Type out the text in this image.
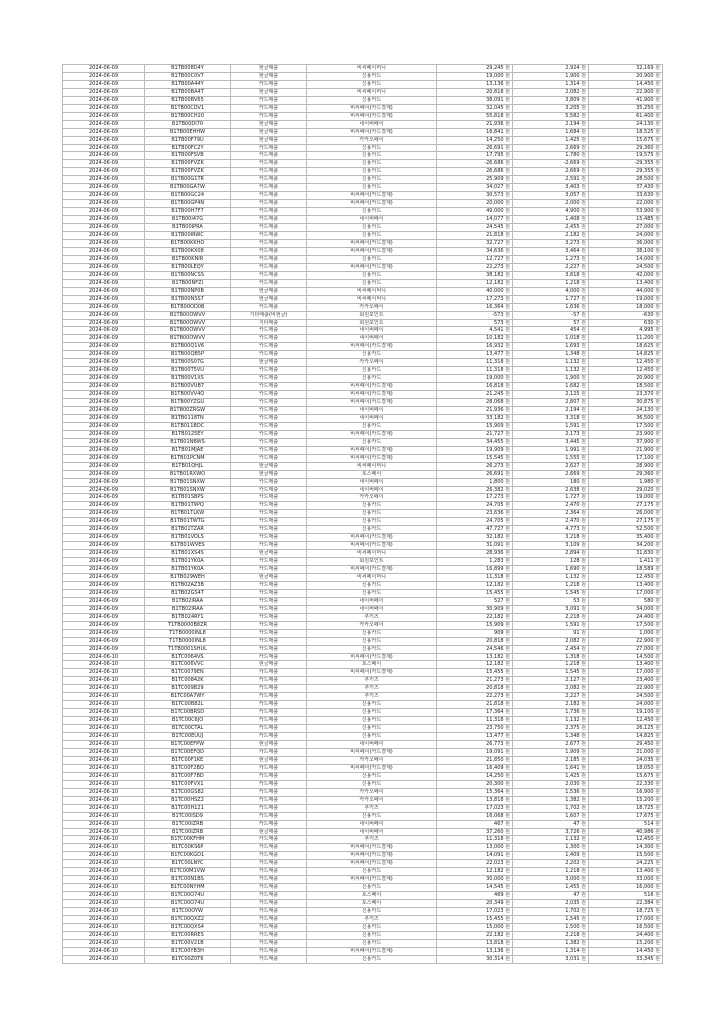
2024-06-09	B1TB008D4Y	현금매출	비씨페이머니	29,245 원	2,924 원	32,169 원
2024-06-09	B1TB00C0V7	현금매출	신용카드	19,000 원	1,900 원	20,900 원
2024-06-09	B1TB00A44Y	카드매출	신용카드	13,136 원	1,314 원	14,450 원
2024-06-09	B1TB00BA4T	현금매출	비씨페이머니	20,818 원	2,082 원	22,900 원
2024-06-09	B1TB00BV65	카드매출	신용카드	38,091 원	3,809 원	41,900 원
2024-06-09	B1TB00CDV1	카드매출	비씨페이(카드결제)	32,045 원	3,205 원	35,250 원
2024-06-09	B1TB00CH20	카드매출	비씨페이(카드결제)	55,818 원	5,582 원	61,400 원
2024-06-09	B1TB00DI70	현금매출	네이버페이	21,936 원	2,194 원	24,130 원
2024-06-09	B1TB00EHHW	현금매출	비씨페이(카드결제)	16,841 원	1,684 원	18,525 원
2024-06-09	B1TB00F79U	현금매출	카카오페이	14,250 원	1,425 원	15,675 원
2024-06-09	B1TB00FC2Y	카드매출	신용카드	26,691 원	2,669 원	29,360 원
2024-06-09	B1TB00FSVB	카드매출	신용카드	17,795 원	1,780 원	19,575 원
2024-06-09	B1TB00FVZK	카드매출	신용카드	-26,686 원	-2,669 원	-29,355 원
2024-06-09	B1TB00FVZK	카드매출	신용카드	26,686 원	2,669 원	29,355 원
2024-06-09	B1TB00G1TR	카드매출	신용카드	25,909 원	2,591 원	28,500 원
2024-06-09	B1TB00GA7W	카드매출	신용카드	34,027 원	3,403 원	37,430 원
2024-06-09	B1TB00GC24	카드매출	비씨페이(카드결제)	30,573 원	3,057 원	33,630 원
2024-06-09	B1TB00GP4N	카드매출	비씨페이(카드결제)	20,000 원	2,000 원	22,000 원
2024-06-09	B1TB00H7F7	카드매출	신용카드	49,000 원	4,900 원	53,900 원
2024-06-09	B1TB00I47G	카드매출	네이버페이	14,077 원	1,408 원	15,485 원
2024-06-09	B1TB00IPRA	카드매출	신용카드	24,545 원	2,455 원	27,000 원
2024-06-09	B1TB00IRWC	카드매출	신용카드	21,818 원	2,182 원	24,000 원
2024-06-09	B1TB00KKHO	카드매출	비씨페이(카드결제)	32,727 원	3,273 원	36,000 원
2024-06-09	B1TB00KX08	카드매출	비씨페이(카드결제)	34,636 원	3,464 원	38,100 원
2024-06-09	B1TB00KNIR	카드매출	신용카드	12,727 원	1,273 원	14,000 원
2024-06-09	B1TB00LEQY	카드매출	비씨페이(카드결제)	22,273 원	2,227 원	24,500 원
2024-06-09	B1TB00NCSS	카드매출	신용카드	38,182 원	3,818 원	42,000 원
2024-06-09	B1TB00NFZI	카드매출	신용카드	12,182 원	1,218 원	13,400 원
2024-06-09	B1TB00NP0B	현금매출	비씨페이머니	40,000 원	4,000 원	44,000 원
2024-06-09	B1TB00NSS7	현금매출	비씨페이머니	17,273 원	1,727 원	19,000 원
2024-06-09	B1TB00OD0B	카드매출	카카오페이	16,364 원	1,636 원	18,000 원
2024-06-09	B1TB00OWVV	기타매출(비현금)	회원포인트	-573 원	-57 원	-630 원
2024-06-09	B1TB00OWVV	기타매출	회원포인트	573 원	57 원	630 원
2024-06-09	B1TB00OWVV	카드매출	네이버페이	4,541 원	454 원	4,995 원
2024-06-09	B1TB00OWVV	카드매출	네이버페이	10,182 원	1,018 원	11,200 원
2024-06-09	B1TB00Q1V6	카드매출	비씨페이(카드결제)	16,932 원	1,693 원	18,625 원
2024-06-09	B1TB00QB5P	카드매출	신용카드	13,477 원	1,348 원	14,825 원
2024-06-09	B1TB00S07G	현금매출	카카오페이	11,318 원	1,132 원	12,450 원
2024-06-09	B1TB00T5VU	카드매출	신용카드	11,318 원	1,132 원	12,450 원
2024-06-09	B1TB00V1XS	카드매출	신용카드	19,000 원	1,900 원	20,900 원
2024-06-09	B1TB00VUB7	카드매출	비씨페이(카드결제)	16,818 원	1,682 원	18,500 원
2024-06-09	B1TB00VV4Q	카드매출	비씨페이(카드결제)	21,245 원	2,125 원	23,370 원
2024-06-09	B1TB00YZGU	카드매출	비씨페이(카드결제)	28,068 원	2,807 원	30,875 원
2024-06-09	B1TB00ZRGW	카드매출	네이버페이	21,936 원	2,194 원	24,130 원
2024-06-09	B1TB0118TN	카드매출	네이버페이	33,182 원	3,318 원	36,500 원
2024-06-09	B1TB011BDC	카드매출	신용카드	15,909 원	1,591 원	17,500 원
2024-06-09	B1TB0125EY	카드매출	비씨페이(카드결제)	21,727 원	2,173 원	23,900 원
2024-06-09	B1TB01NBWS	카드매출	신용카드	34,455 원	3,445 원	37,900 원
2024-06-09	B1TB01MJAE	카드매출	비씨페이(카드결제)	19,909 원	1,991 원	21,900 원
2024-06-09	B1TB01PCNM	카드매출	비씨페이(카드결제)	15,545 원	1,555 원	17,100 원
2024-06-09	B1TB01QHJL	현금매출	비씨페이머니	26,273 원	2,627 원	28,900 원
2024-06-09	B1TB01RXWO	현금매출	토스페이	26,691 원	2,669 원	29,360 원
2024-06-09	B1TB01SNXW	카드매출	네이버페이	1,800 원	180 원	1,980 원
2024-06-09	B1TB01SNXW	카드매출	네이버페이	26,382 원	2,638 원	29,020 원
2024-06-09	B1TB01SBPS	카드매출	카카오페이	17,273 원	1,727 원	19,000 원
2024-06-09	B1TB01T9PQ	카드매출	신용카드	24,705 원	2,470 원	27,175 원
2024-06-09	B1TB01TLKW	카드매출	신용카드	23,636 원	2,364 원	26,000 원
2024-06-09	B1TB01TWTG	카드매출	신용카드	24,705 원	2,470 원	27,175 원
2024-06-09	B1TB01TZAR	카드매출	신용카드	47,727 원	4,773 원	52,500 원
2024-06-09	B1TB01VDLS	카드매출	비씨페이(카드결제)	32,182 원	3,218 원	35,400 원
2024-06-09	B1TB01WVES	카드매출	비씨페이(카드결제)	31,091 원	3,109 원	34,200 원
2024-06-09	B1TB01XS4S	현금매출	비씨페이머니	28,936 원	2,894 원	31,830 원
2024-06-09	B1TB01YK0A	카드매출	회원포인트	1,283 원	128 원	1,411 원
2024-06-09	B1TB01YK0A	카드매출	비씨페이(카드결제)	16,899 원	1,690 원	18,589 원
2024-06-09	B1TB029WEH	현금매출	비씨페이머니	11,318 원	1,132 원	12,450 원
2024-06-09	B1TB02AZ3B	카드매출	신용카드	12,182 원	1,218 원	13,400 원
2024-06-09	B1TB02GS4T	카드매출	신용카드	15,455 원	1,545 원	17,000 원
2024-06-09	B1TB02IRAA	카드매출	네이버페이	527 원	53 원	580 원
2024-06-09	B1TB02IRAA	카드매출	네이버페이	30,909 원	3,091 원	34,000 원
2024-06-09	B1TB024RY1	카드매출	쿠키즈	22,182 원	2,218 원	24,400 원
2024-06-09	T1TB0000B8ZR	카드매출	카카오페이	15,909 원	1,591 원	17,500 원
2024-06-09	T1TB0000INL8	카드매출	신용카드	909 원	91 원	1,000 원
2024-06-09	T1TB0000INL8	카드매출	신용카드	20,818 원	2,082 원	22,900 원
2024-06-09	T1TB0001SHUL	카드매출	신용카드	24,546 원	2,454 원	27,000 원
2024-06-10	B1TC0064VS	카드매출	비씨페이(카드결제)	13,182 원	1,318 원	14,500 원
2024-06-10	B1TC006VVC	현금매출	토스페이	12,182 원	1,218 원	13,400 원
2024-06-10	B1TC0079EN	카드매출	비씨페이(카드결제)	15,455 원	1,545 원	17,000 원
2024-06-10	B1TC00842K	카드매출	쿠키즈	21,273 원	2,127 원	23,400 원
2024-06-10	B1TC009B29	카드매출	쿠키즈	20,818 원	2,082 원	22,900 원
2024-06-10	B1TC00A7WY	카드매출	쿠키즈	22,273 원	2,227 원	24,500 원
2024-06-10	B1TC00B82L	카드매출	신용카드	21,818 원	2,182 원	24,000 원
2024-06-10	B1TC00BRSD	카드매출	신용카드	17,364 원	1,736 원	19,100 원
2024-06-10	B1TC00C6JO	카드매출	신용카드	11,318 원	1,132 원	12,450 원
2024-06-10	B1TC00CTAL	카드매출	신용카드	23,750 원	2,375 원	26,125 원
2024-06-10	B1TC00EUUJ	카드매출	신용카드	13,477 원	1,348 원	14,825 원
2024-06-10	B1TC00EFPW	현금매출	네이버페이	26,773 원	2,677 원	29,450 원
2024-06-10	B1TC00EFQD	카드매출	비씨페이(카드결제)	19,091 원	1,909 원	21,000 원
2024-06-10	B1TC00F1KE	현금매출	카카오페이	21,850 원	2,185 원	24,035 원
2024-06-10	B1TC00F2BQ	카드매출	비씨페이(카드결제)	16,409 원	1,641 원	18,050 원
2024-06-10	B1TC00F7BD	카드매출	신용카드	14,250 원	1,425 원	15,675 원
2024-06-10	B1TC00FVX1	카드매출	신용카드	20,300 원	2,030 원	22,330 원
2024-06-10	B1TC00GS82	카드매출	카카오페이	15,364 원	1,536 원	16,900 원
2024-06-10	B1TC00HSZ2	카드매출	카카오페이	13,818 원	1,382 원	15,200 원
2024-06-10	B1TC00H121	카드매출	쿠키즈	17,023 원	1,702 원	18,725 원
2024-06-10	B1TC00ISD9	카드매출	신용카드	16,068 원	1,607 원	17,675 원
2024-06-10	B1TC00IZRB	카드매출	네이버페이	467 원	47 원	514 원
2024-06-10	B1TC00IZRB	현금매출	네이버페이	37,260 원	3,726 원	40,986 원
2024-06-10	B1TC00KFHM	카드매출	쿠키즈	11,318 원	1,132 원	12,450 원
2024-06-10	B1TC00KS6P	카드매출	비씨페이(카드결제)	13,000 원	1,300 원	14,300 원
2024-06-10	B1TC00KGD1	카드매출	비씨페이(카드결제)	14,091 원	1,409 원	15,500 원
2024-06-10	B1TC00LNYC	카드매출	비씨페이(카드결제)	22,023 원	2,202 원	24,225 원
2024-06-10	B1TC00M1VW	카드매출	신용카드	12,182 원	1,218 원	13,400 원
2024-06-10	B1TC00N1BS	카드매출	비씨페이(카드결제)	30,000 원	3,000 원	33,000 원
2024-06-10	B1TC00NYHM	카드매출	신용카드	14,545 원	1,455 원	16,000 원
2024-06-10	B1TC00O74U	카드매출	토스페이	469 원	47 원	516 원
2024-06-10	B1TC00O74U	카드매출	토스페이	20,349 원	2,035 원	22,384 원
2024-06-10	B1TC00OYW	카드매출	신용카드	17,023 원	1,702 원	18,725 원
2024-06-10	B1TC00QXZ2	카드매출	쿠키즈	15,455 원	1,545 원	17,000 원
2024-06-10	B1TC00QXS4	카드매출	신용카드	15,000 원	1,500 원	16,500 원
2024-06-10	B1TC00RRES	카드매출	신용카드	22,182 원	2,218 원	24,400 원
2024-06-10	B1TC00V21B	카드매출	신용카드	13,818 원	1,382 원	15,200 원
2024-06-10	B1TC00YB3H	카드매출	비씨페이(카드결제)	13,136 원	1,314 원	14,450 원
2024-06-10	B1TC00Z0T6	카드매출	신용카드	30,314 원	3,031 원	33,345 원
